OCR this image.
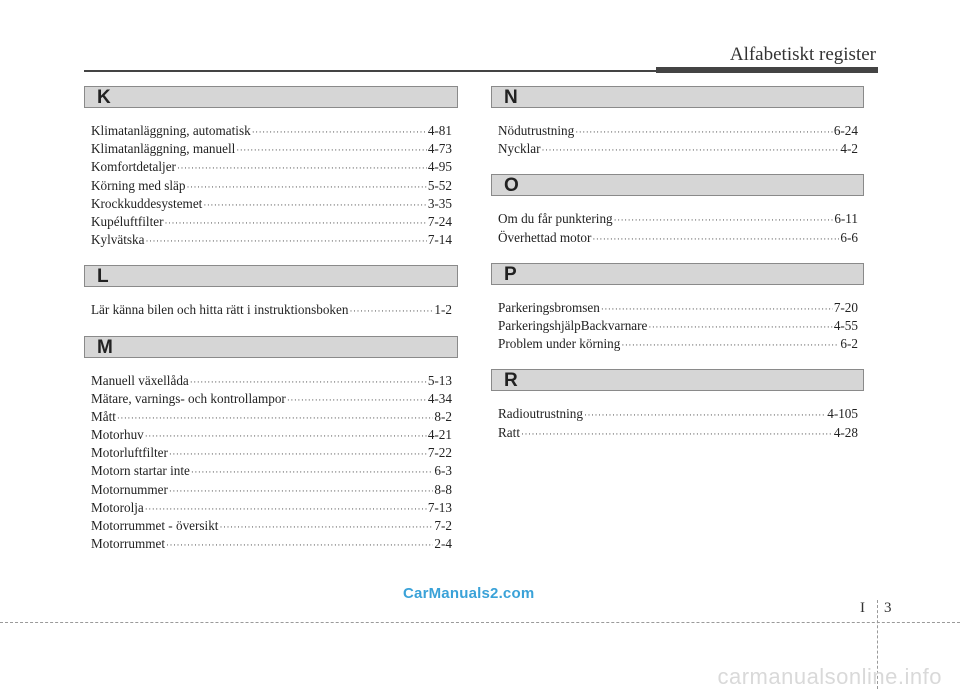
Alfabetiskt register
K
Klimatanläggning, automatisk ·····	4-81
Klimatanläggning, manuell ·····	4-73
Komfortdetaljer ·····	4-95
Körning med släp ·····	5-52
Krockkuddesystemet ·····	3-35
Kupéluftfilter ·····	7-24
Kylvätska ·····	7-14
L
Lär känna bilen och hitta rätt i instruktionsboken ·····	1-2
M
Manuell växellåda ·····	5-13
Mätare, varnings- och kontrollampor ·····	4-34
Mått ·····	8-2
Motorhuv ·····	4-21
Motorluftfilter ·····	7-22
Motorn startar inte ·····	6-3
Motornummer ·····	8-8
Motorolja ·····	7-13
Motorrummet - översikt ·····	7-2
Motorrummet ·····	2-4
N
Nödutrustning ·····	6-24
Nycklar ·····	4-2
O
Om du får punktering ·····	6-11
Överhettad motor ·····	6-6
P
Parkeringsbromsen ·····	7-20
ParkeringshjälpBackvarnare ·····	4-55
Problem under körning ·····	6-2
R
Radioutrustning ·····	4-105
Ratt ·····	4-28
CarManuals2.com
I 3
carmanualsonline.info
